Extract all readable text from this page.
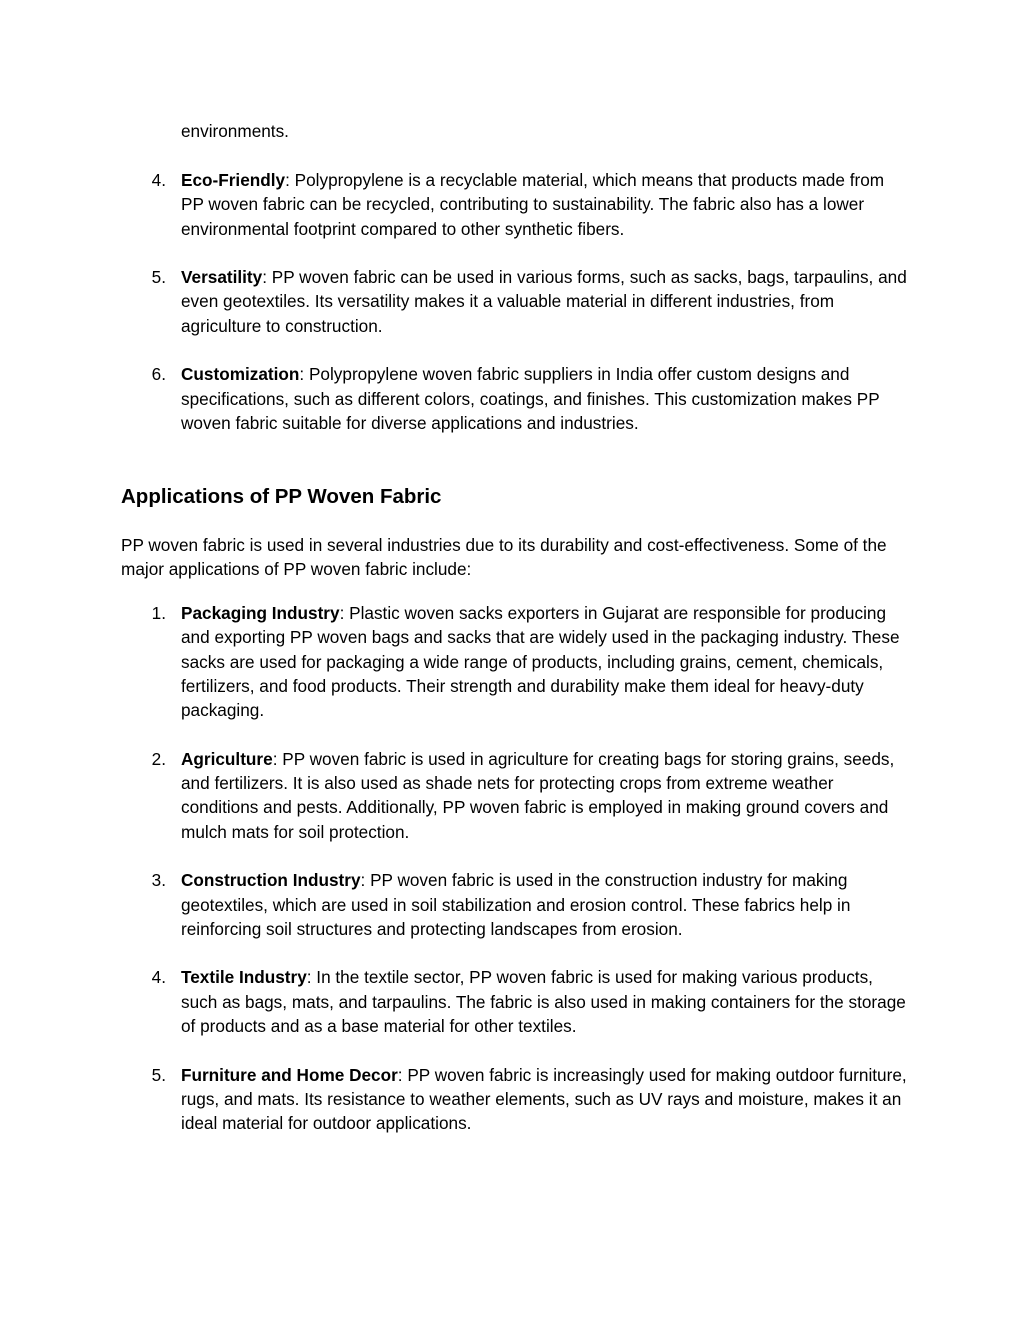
environments.
4. Eco-Friendly: Polypropylene is a recyclable material, which means that products made from PP woven fabric can be recycled, contributing to sustainability. The fabric also has a lower environmental footprint compared to other synthetic fibers.
5. Versatility: PP woven fabric can be used in various forms, such as sacks, bags, tarpaulins, and even geotextiles. Its versatility makes it a valuable material in different industries, from agriculture to construction.
6. Customization: Polypropylene woven fabric suppliers in India offer custom designs and specifications, such as different colors, coatings, and finishes. This customization makes PP woven fabric suitable for diverse applications and industries.
Applications of PP Woven Fabric
PP woven fabric is used in several industries due to its durability and cost-effectiveness. Some of the major applications of PP woven fabric include:
1. Packaging Industry: Plastic woven sacks exporters in Gujarat are responsible for producing and exporting PP woven bags and sacks that are widely used in the packaging industry. These sacks are used for packaging a wide range of products, including grains, cement, chemicals, fertilizers, and food products. Their strength and durability make them ideal for heavy-duty packaging.
2. Agriculture: PP woven fabric is used in agriculture for creating bags for storing grains, seeds, and fertilizers. It is also used as shade nets for protecting crops from extreme weather conditions and pests. Additionally, PP woven fabric is employed in making ground covers and mulch mats for soil protection.
3. Construction Industry: PP woven fabric is used in the construction industry for making geotextiles, which are used in soil stabilization and erosion control. These fabrics help in reinforcing soil structures and protecting landscapes from erosion.
4. Textile Industry: In the textile sector, PP woven fabric is used for making various products, such as bags, mats, and tarpaulins. The fabric is also used in making containers for the storage of products and as a base material for other textiles.
5. Furniture and Home Decor: PP woven fabric is increasingly used for making outdoor furniture, rugs, and mats. Its resistance to weather elements, such as UV rays and moisture, makes it an ideal material for outdoor applications.
